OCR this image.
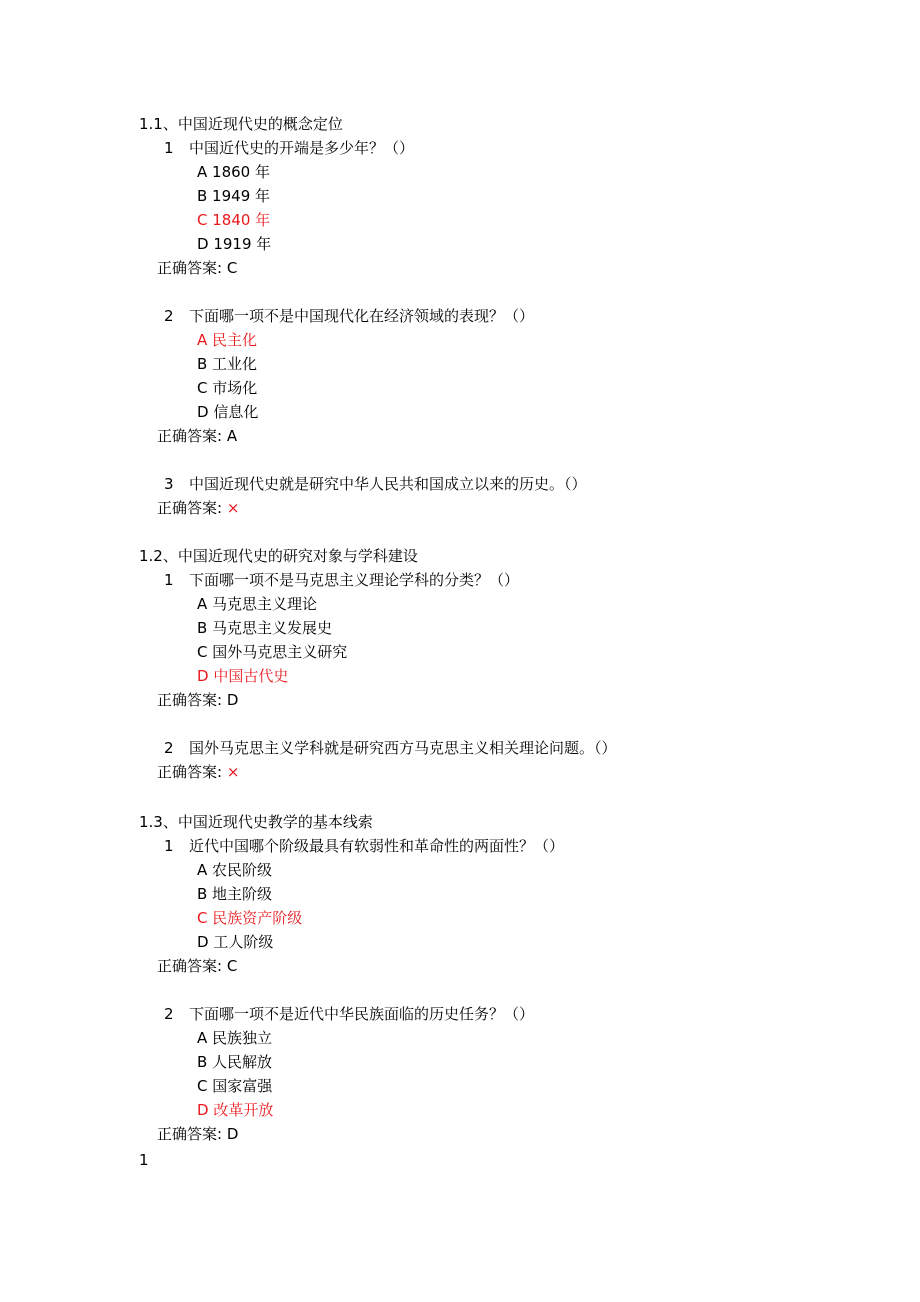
1.1、中国近现代史的概念定位
1 中国近代史的开端是多少年？（）
A 1860 年
B 1949 年
C 1840 年
D 1919 年
正确答案: C
2 下面哪一项不是中国现代化在经济领域的表现？（）
A 民主化
B 工业化
C 市场化
D 信息化
正确答案: A
3 中国近现代史就是研究中华人民共和国成立以来的历史。（）
正确答案: ×
1.2、中国近现代史的研究对象与学科建设
1 下面哪一项不是马克思主义理论学科的分类？（）
A 马克思主义理论
B 马克思主义发展史
C 国外马克思主义研究
D 中国古代史
正确答案: D
2 国外马克思主义学科就是研究西方马克思主义相关理论问题。（）
正确答案: ×
1.3、中国近现代史教学的基本线索
1 近代中国哪个阶级最具有软弱性和革命性的两面性？（）
A 农民阶级
B 地主阶级
C 民族资产阶级
D 工人阶级
正确答案: C
2 下面哪一项不是近代中华民族面临的历史任务？（）
A 民族独立
B 人民解放
C 国家富强
D 改革开放
正确答案: D
1
